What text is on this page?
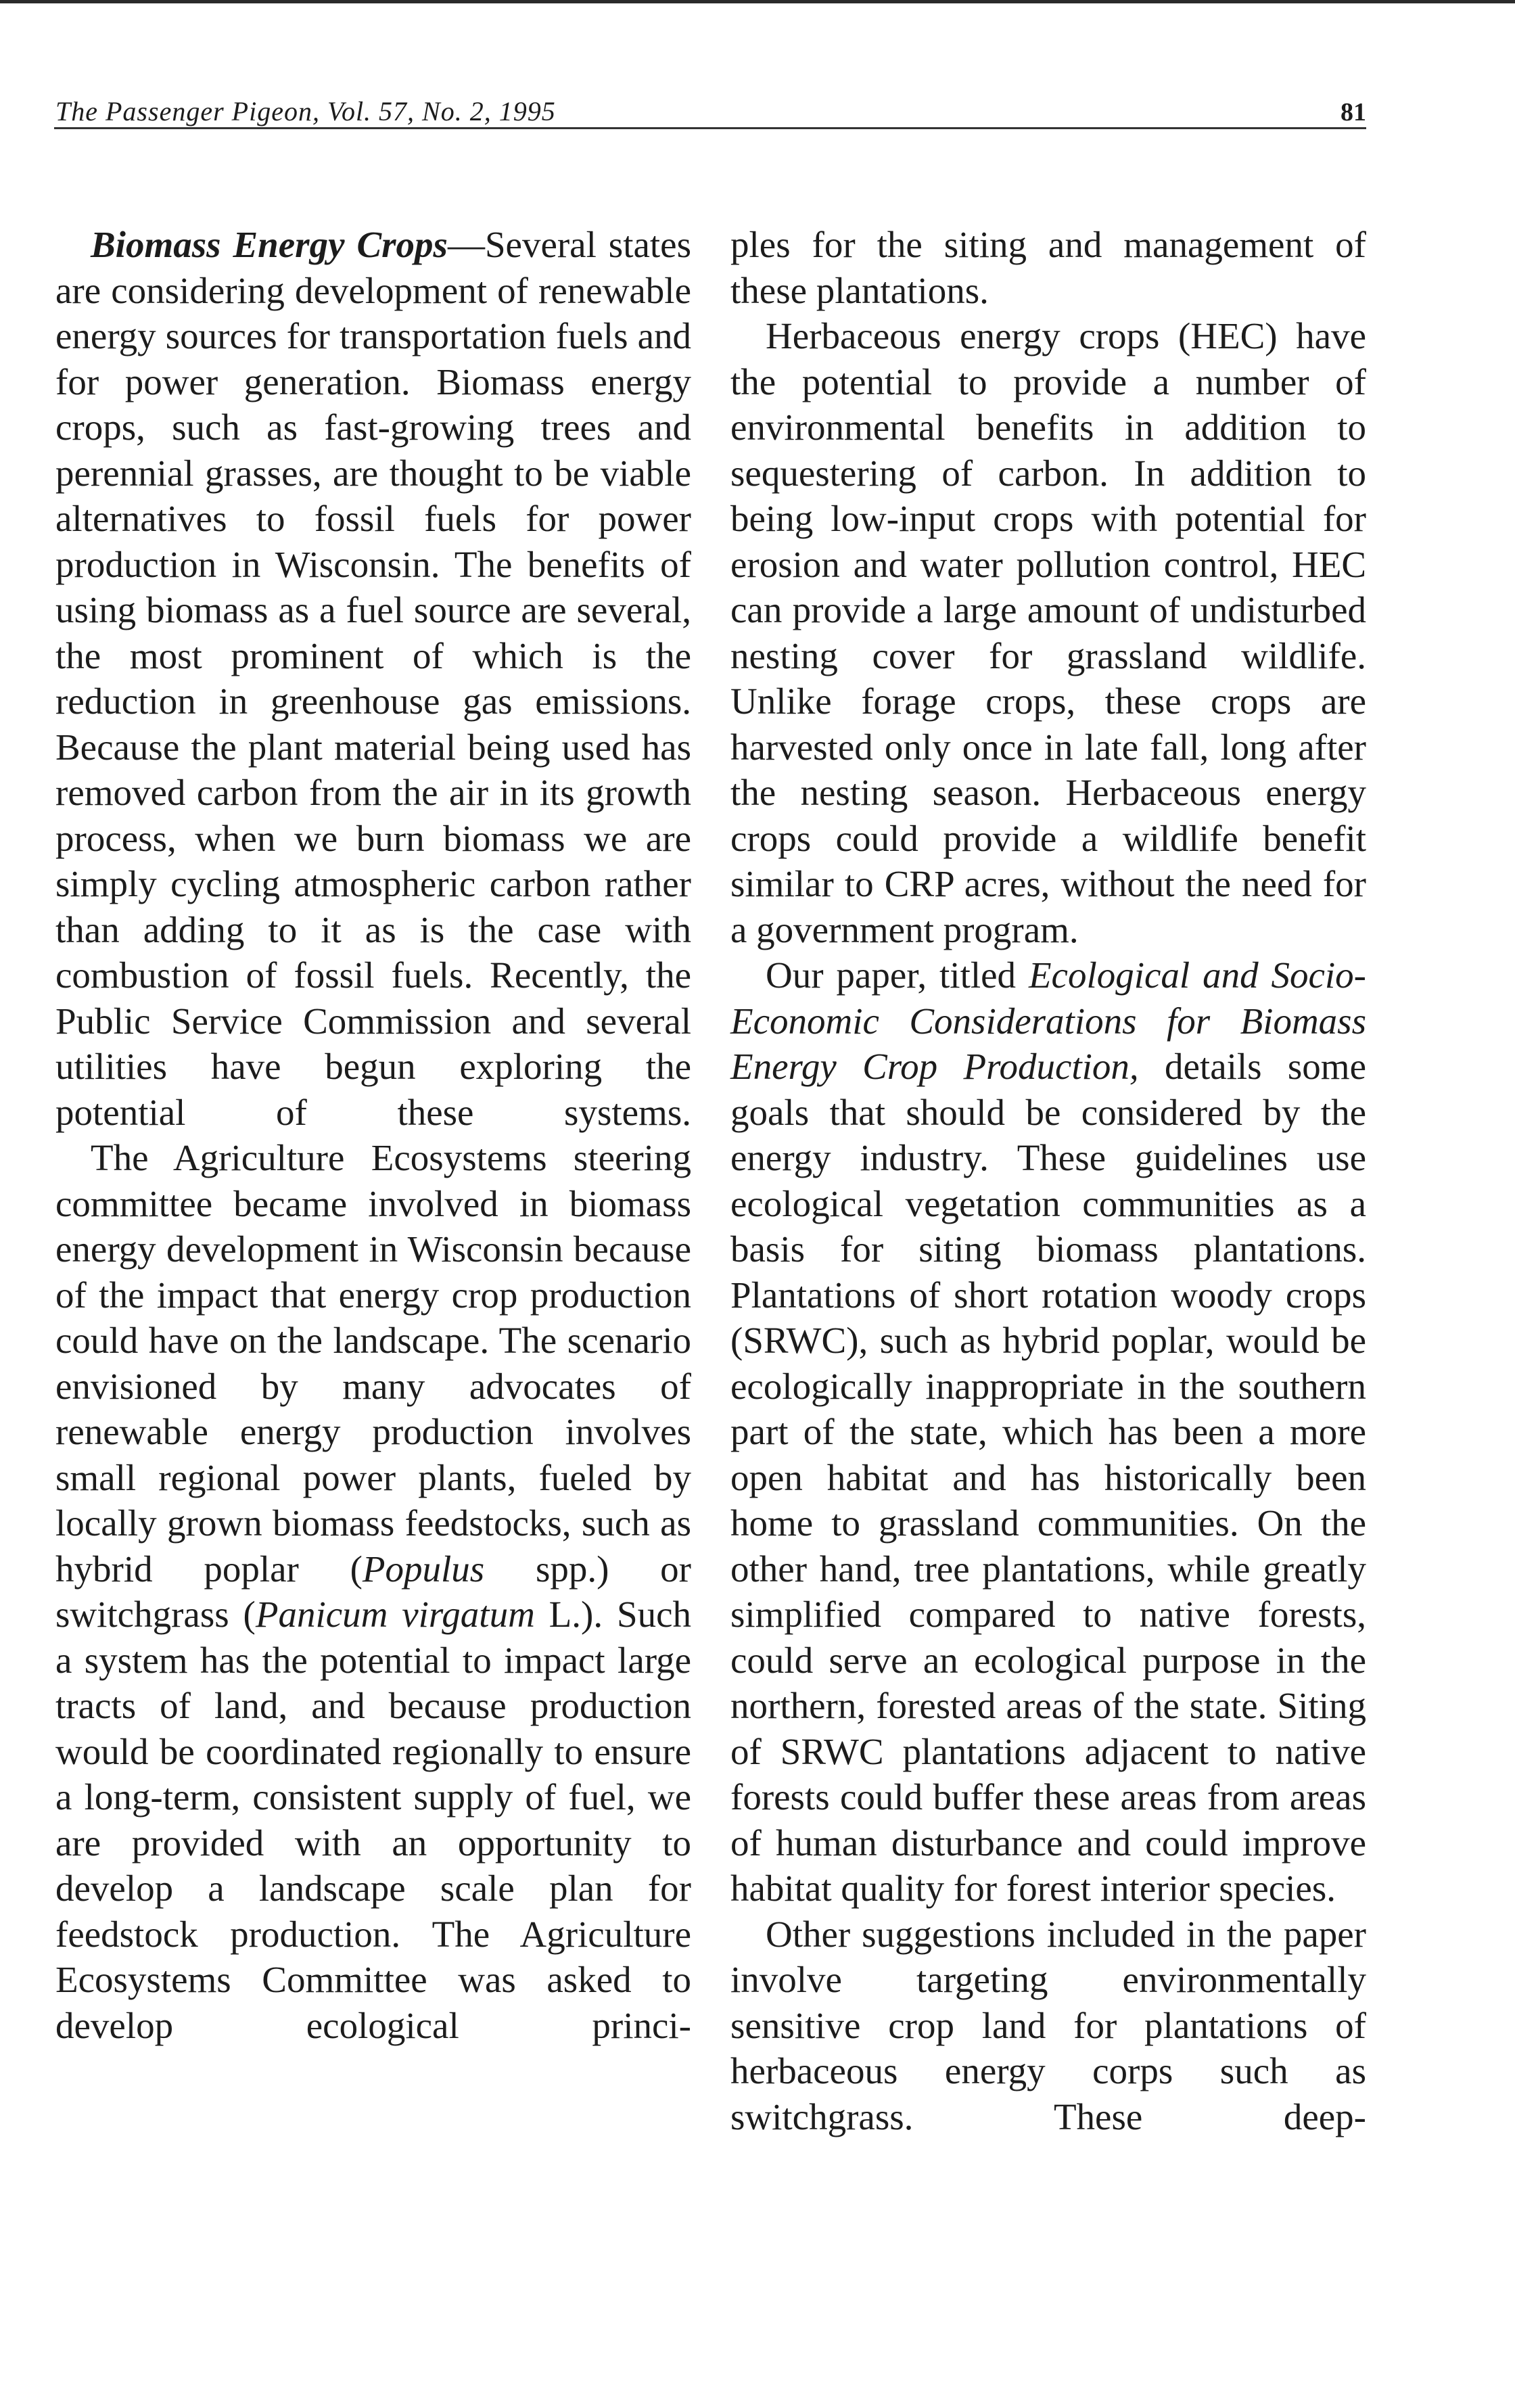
The Passenger Pigeon, Vol. 57, No. 2, 1995	81

Biomass Energy Crops—Several states are considering development of renewable energy sources for transportation fuels and for power generation. Biomass energy crops, such as fast-growing trees and perennial grasses, are thought to be viable alternatives to fossil fuels for power production in Wisconsin. The benefits of using biomass as a fuel source are several, the most prominent of which is the reduction in greenhouse gas emissions. Because the plant material being used has removed carbon from the air in its growth process, when we burn biomass we are simply cycling atmospheric carbon rather than adding to it as is the case with combustion of fossil fuels. Recently, the Public Service Commission and several utilities have begun exploring the potential of these systems.

The Agriculture Ecosystems steering committee became involved in biomass energy development in Wisconsin because of the impact that energy crop production could have on the landscape. The scenario envisioned by many advocates of renewable energy production involves small regional power plants, fueled by locally grown biomass feedstocks, such as hybrid poplar (Populus spp.) or switchgrass (Panicum virgatum L.). Such a system has the potential to impact large tracts of land, and because production would be coordinated regionally to ensure a long-term, consistent supply of fuel, we are provided with an opportunity to develop a landscape scale plan for feedstock production. The Agriculture Ecosystems Committee was asked to develop ecological princi-

ples for the siting and management of these plantations.

Herbaceous energy crops (HEC) have the potential to provide a number of environmental benefits in addition to sequestering of carbon. In addition to being low-input crops with potential for erosion and water pollution control, HEC can provide a large amount of undisturbed nesting cover for grassland wildlife. Unlike forage crops, these crops are harvested only once in late fall, long after the nesting season. Herbaceous energy crops could provide a wildlife benefit similar to CRP acres, without the need for a government program.

Our paper, titled Ecological and Socio-Economic Considerations for Biomass Energy Crop Production, details some goals that should be considered by the energy industry. These guidelines use ecological vegetation communities as a basis for siting biomass plantations. Plantations of short rotation woody crops (SRWC), such as hybrid poplar, would be ecologically inappropriate in the southern part of the state, which has been a more open habitat and has historically been home to grassland communities. On the other hand, tree plantations, while greatly simplified compared to native forests, could serve an ecological purpose in the northern, forested areas of the state. Siting of SRWC plantations adjacent to native forests could buffer these areas from areas of human disturbance and could improve habitat quality for forest interior species.

Other suggestions included in the paper involve targeting environmentally sensitive crop land for plantations of herbaceous energy corps such as switchgrass. These deep-
